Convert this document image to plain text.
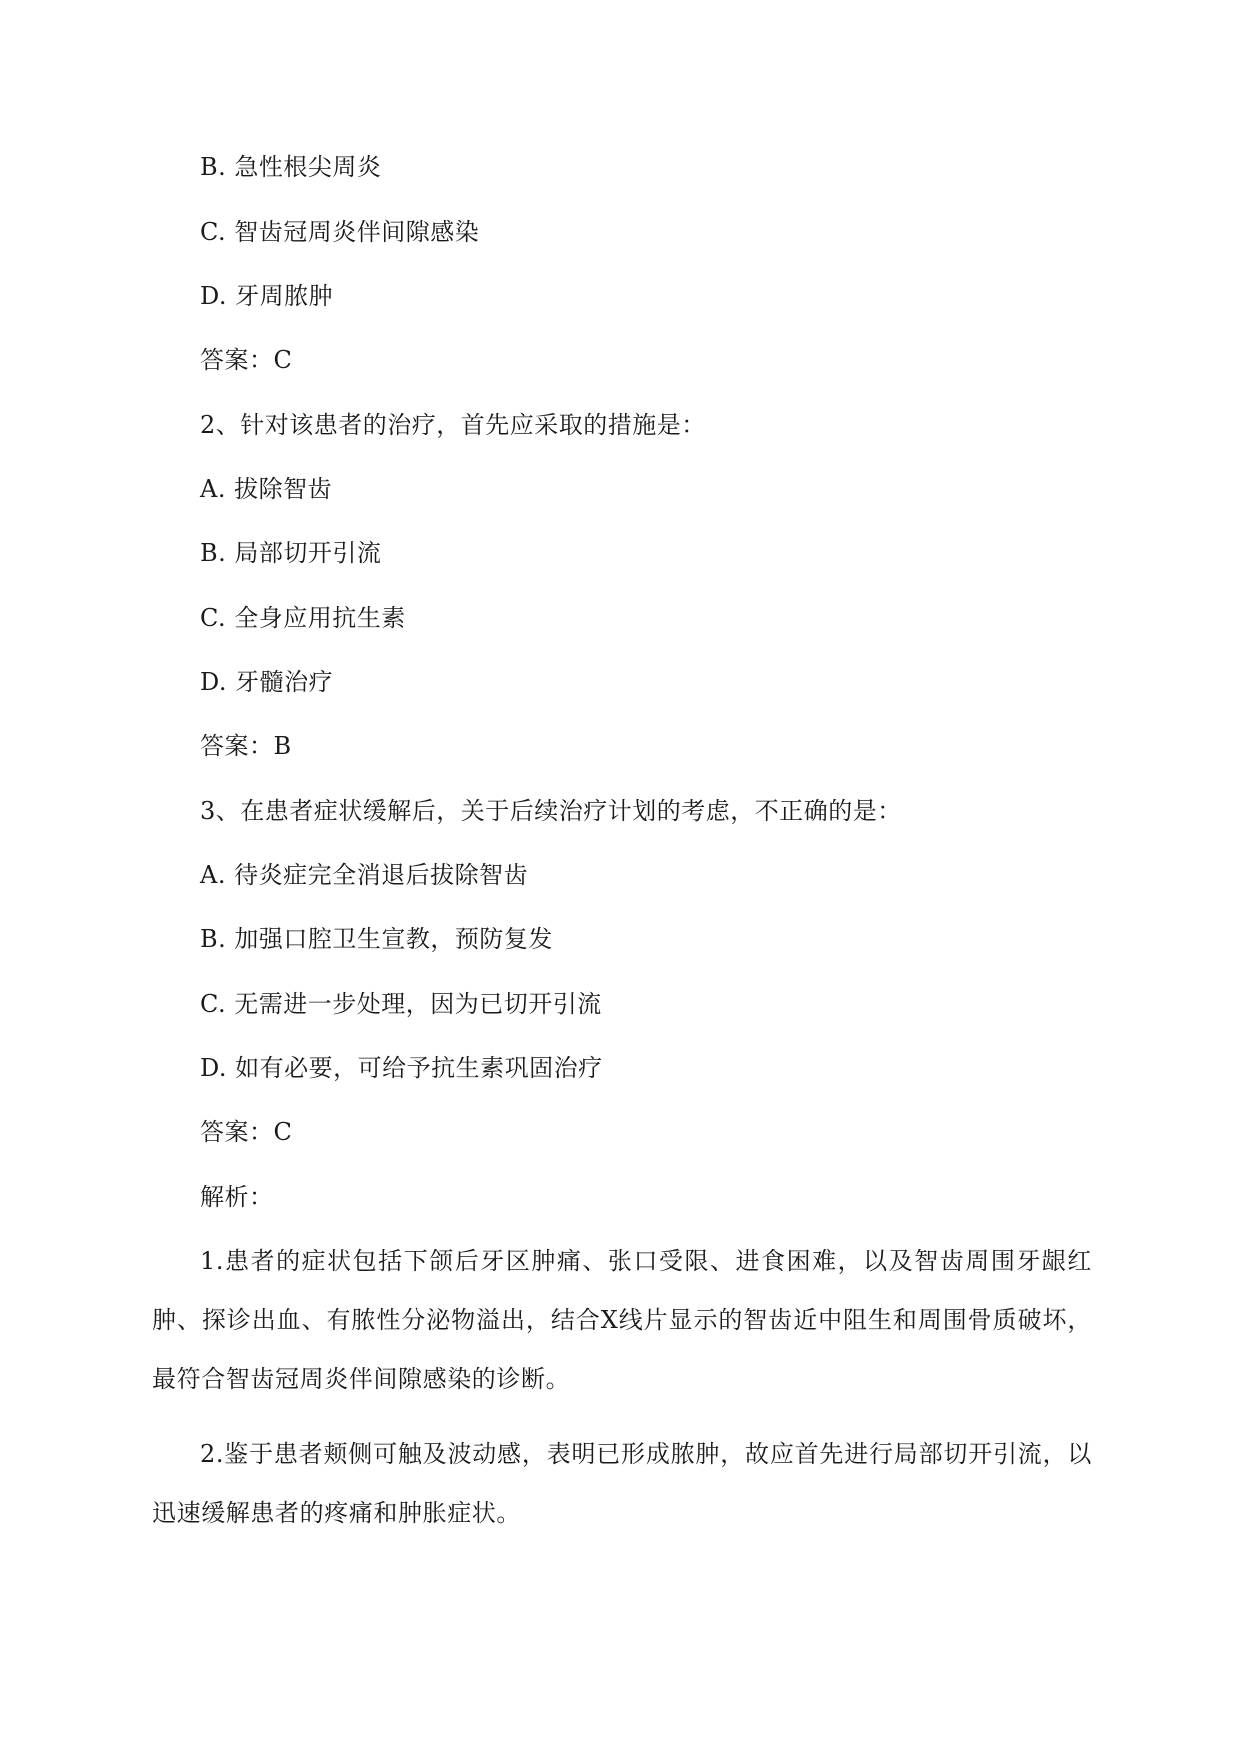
B. 急性根尖周炎
C. 智齿冠周炎伴间隙感染
D. 牙周脓肿
答案：C
2、针对该患者的治疗，首先应采取的措施是：
A. 拔除智齿
B. 局部切开引流
C. 全身应用抗生素
D. 牙髓治疗
答案：B
3、在患者症状缓解后，关于后续治疗计划的考虑，不正确的是：
A. 待炎症完全消退后拔除智齿
B. 加强口腔卫生宣教，预防复发
C. 无需进一步处理，因为已切开引流
D. 如有必要，可给予抗生素巩固治疗
答案：C
解析：
1.患者的症状包括下颌后牙区肿痛、张口受限、进食困难，以及智齿周围牙龈红肿、探诊出血、有脓性分泌物溢出，结合X线片显示的智齿近中阻生和周围骨质破坏，最符合智齿冠周炎伴间隙感染的诊断。
2.鉴于患者颊侧可触及波动感，表明已形成脓肿，故应首先进行局部切开引流，以迅速缓解患者的疼痛和肿胀症状。
